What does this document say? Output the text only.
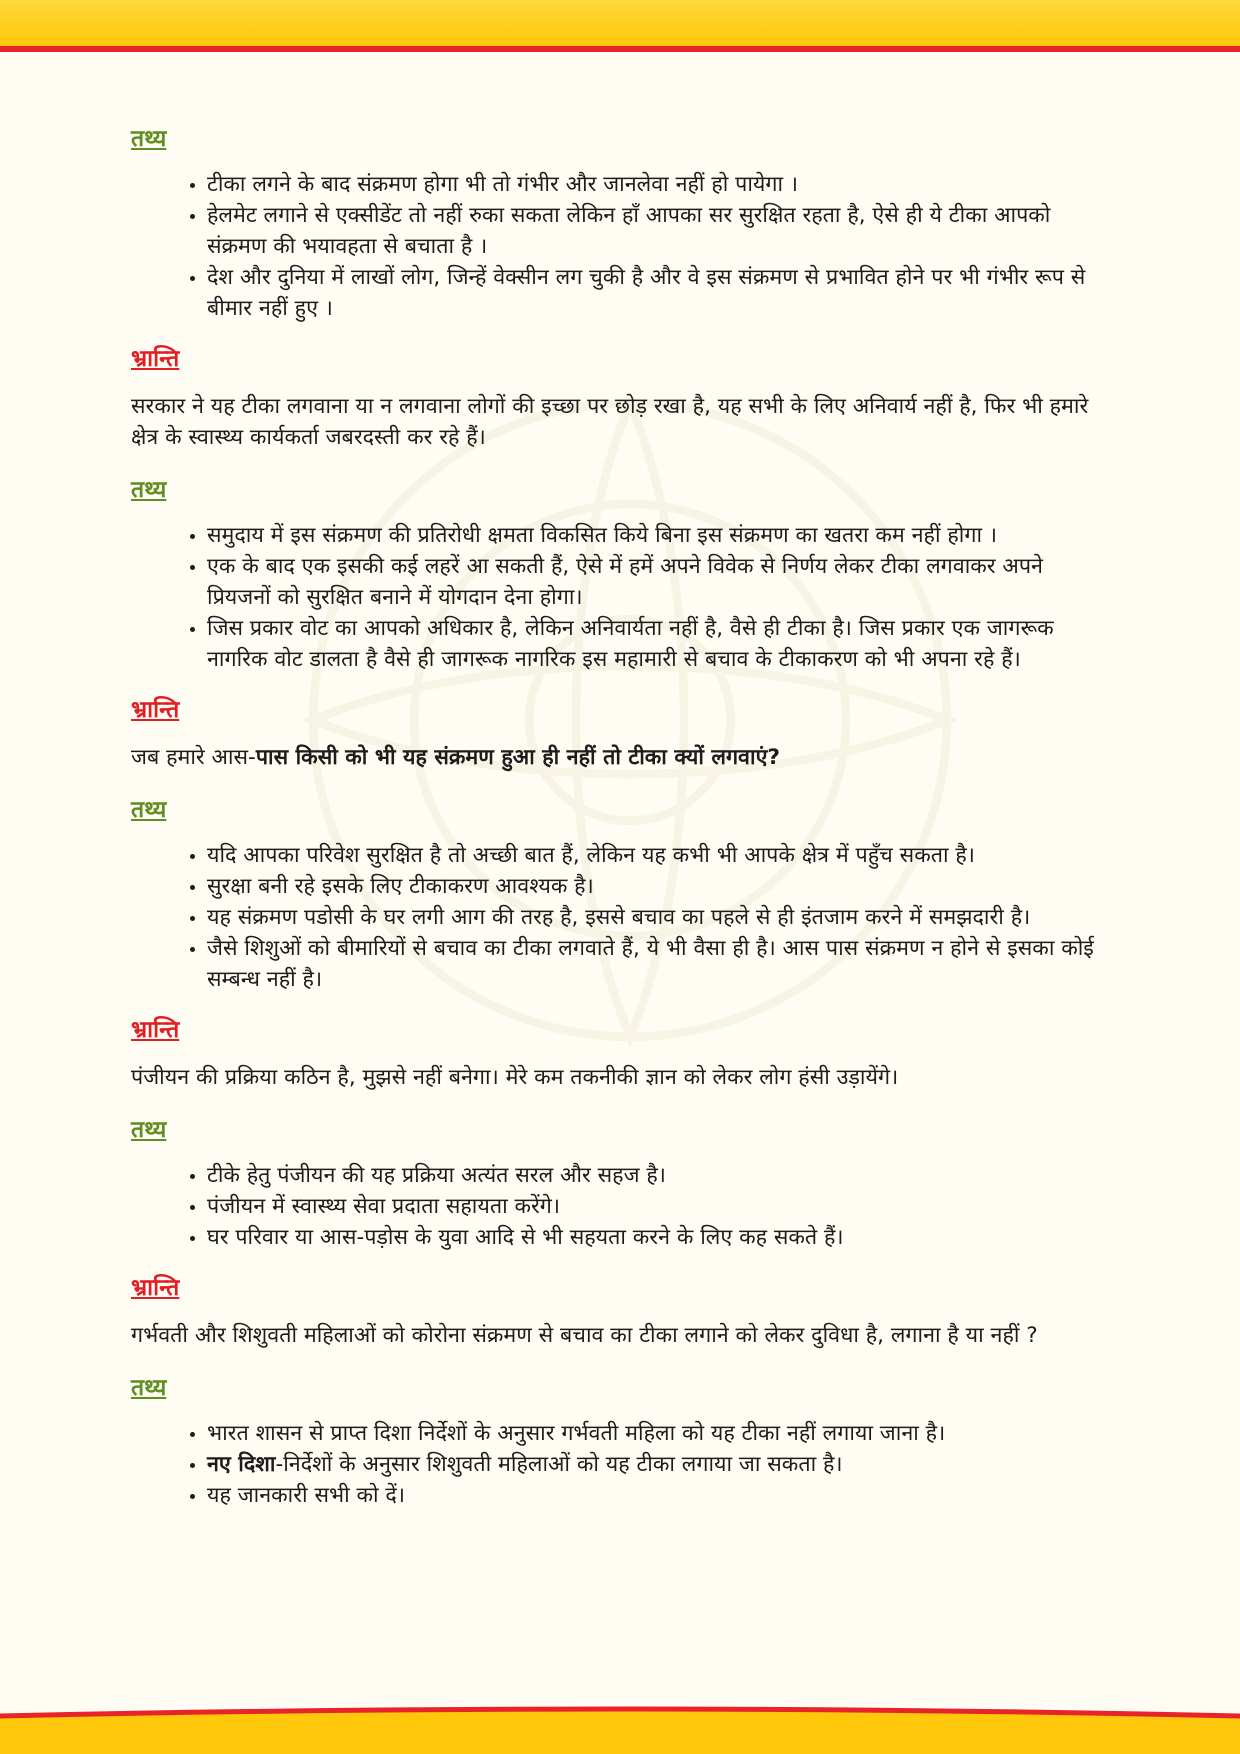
तथ्य
• टीका लगने के बाद संक्रमण होगा भी तो गंभीर और जानलेवा नहीं हो पायेगा ।
• हेलमेट लगाने से एक्सीडेंट तो नहीं रुका सकता लेकिन हाँ आपका सर सुरक्षित रहता है, ऐसे ही ये टीका आपको संक्रमण की भयावहता से बचाता है ।
• देश और दुनिया में लाखों लोग, जिन्हें वेक्सीन लग चुकी है और वे इस संक्रमण से प्रभावित होने पर भी गंभीर रूप से बीमार नहीं हुए ।
भ्रान्ति

सरकार ने यह टीका लगवाना या न लगवाना लोगों की इच्छा पर छोड़ रखा है, यह सभी के लिए अनिवार्य नहीं है, फिर भी हमारे क्षेत्र के स्वास्थ्य कार्यकर्ता जबरदस्ती कर रहे हैं।

तथ्य
• समुदाय में इस संक्रमण की प्रतिरोधी क्षमता विकसित किये बिना इस संक्रमण का खतरा कम नहीं होगा ।
• एक के बाद एक इसकी कई लहरें आ सकती हैं, ऐसे में हमें अपने विवेक से निर्णय लेकर टीका लगवाकर अपने प्रियजनों को सुरक्षित बनाने में योगदान देना होगा।
• जिस प्रकार वोट का आपको अधिकार है, लेकिन अनिवार्यता नहीं है, वैसे ही टीका है। जिस प्रकार एक जागरूक नागरिक वोट डालता है वैसे ही जागरूक नागरिक इस महामारी से बचाव के टीकाकरण को भी अपना रहे हैं।
भ्रान्ति

जब हमारे आस-पास किसी को भी यह संक्रमण हुआ ही नहीं तो टीका क्यों लगवाएं?

तथ्य
• यदि आपका परिवेश सुरक्षित है तो अच्छी बात हैं, लेकिन यह कभी भी आपके क्षेत्र में पहुँच सकता है।
• सुरक्षा बनी रहे इसके लिए टीकाकरण आवश्यक है।
• यह संक्रमण पडोसी के घर लगी आग की तरह है, इससे बचाव का पहले से ही इंतजाम करने में समझदारी है।
• जैसे शिशुओं को बीमारियों से बचाव का टीका लगवाते हैं, ये भी वैसा ही है। आस पास संक्रमण न होने से इसका कोई सम्बन्ध नहीं है।
भ्रान्ति

पंजीयन की प्रक्रिया कठिन है, मुझसे नहीं बनेगा। मेरे कम तकनीकी ज्ञान को लेकर लोग हंसी उड़ायेंगे।

तथ्य
• टीके हेतु पंजीयन की यह प्रक्रिया अत्यंत सरल और सहज है।
• पंजीयन में स्वास्थ्य सेवा प्रदाता सहायता करेंगे।
• घर परिवार या आस-पड़ोस के युवा आदि से भी सहयता करने के लिए कह सकते हैं।
भ्रान्ति

गर्भवती और शिशुवती महिलाओं को कोरोना संक्रमण से बचाव का टीका लगाने को लेकर दुविधा है, लगाना है या नहीं ?

तथ्य
• भारत शासन से प्राप्त दिशा निर्देशों के अनुसार गर्भवती महिला को यह टीका नहीं लगाया जाना है।
• नए दिशा-निर्देशों के अनुसार शिशुवती महिलाओं को यह टीका लगाया जा सकता है।
• यह जानकारी सभी को दें।
